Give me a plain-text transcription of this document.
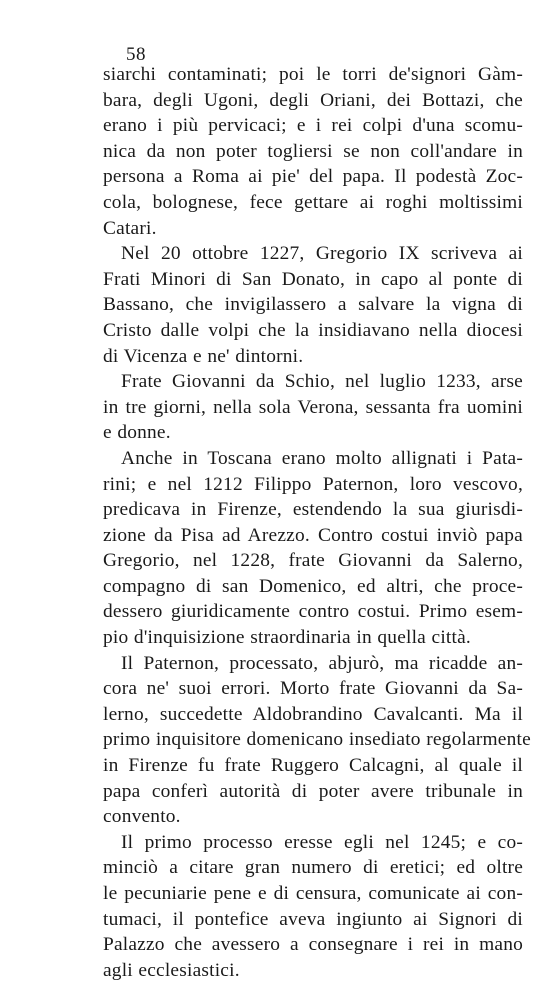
58
siarchi contaminati; poi le torri de'signori Gàm-
bara, degli Ugoni, degli Oriani, dei Bottazi, che
erano i più pervicaci; e i rei colpi d'una scomu-
nica da non poter togliersi se non coll'andare in
persona a Roma ai pie' del papa. Il podestà Zoc-
cola, bolognese, fece gettare ai roghi moltissimi
Catari.
Nel 20 ottobre 1227, Gregorio IX scriveva ai
Frati Minori di San Donato, in capo al ponte di
Bassano, che invigilassero a salvare la vigna di
Cristo dalle volpi che la insidiavano nella diocesi
di Vicenza e ne' dintorni.
Frate Giovanni da Schio, nel luglio 1233, arse
in tre giorni, nella sola Verona, sessanta fra uomini
e donne.
Anche in Toscana erano molto allignati i Pata-
rini; e nel 1212 Filippo Paternon, loro vescovo,
predicava in Firenze, estendendo la sua giurisdi-
zione da Pisa ad Arezzo. Contro costui inviò papa
Gregorio, nel 1228, frate Giovanni da Salerno,
compagno di san Domenico, ed altri, che proce-
dessero giuridicamente contro costui. Primo esem-
pio d'inquisizione straordinaria in quella città.
Il Paternon, processato, abjurò, ma ricadde an-
cora ne' suoi errori. Morto frate Giovanni da Sa-
lerno, succedette Aldobrandino Cavalcanti. Ma il
primo inquisitore domenicano insediato regolarmente
in Firenze fu frate Ruggero Calcagni, al quale il
papa conferì autorità di poter avere tribunale in
convento.
Il primo processo eresse egli nel 1245; e co-
minciò a citare gran numero di eretici; ed oltre
le pecuniarie pene e di censura, comunicate ai con-
tumaci, il pontefice aveva ingiunto ai Signori di
Palazzo che avessero a consegnare i rei in mano
agli ecclesiastici.
